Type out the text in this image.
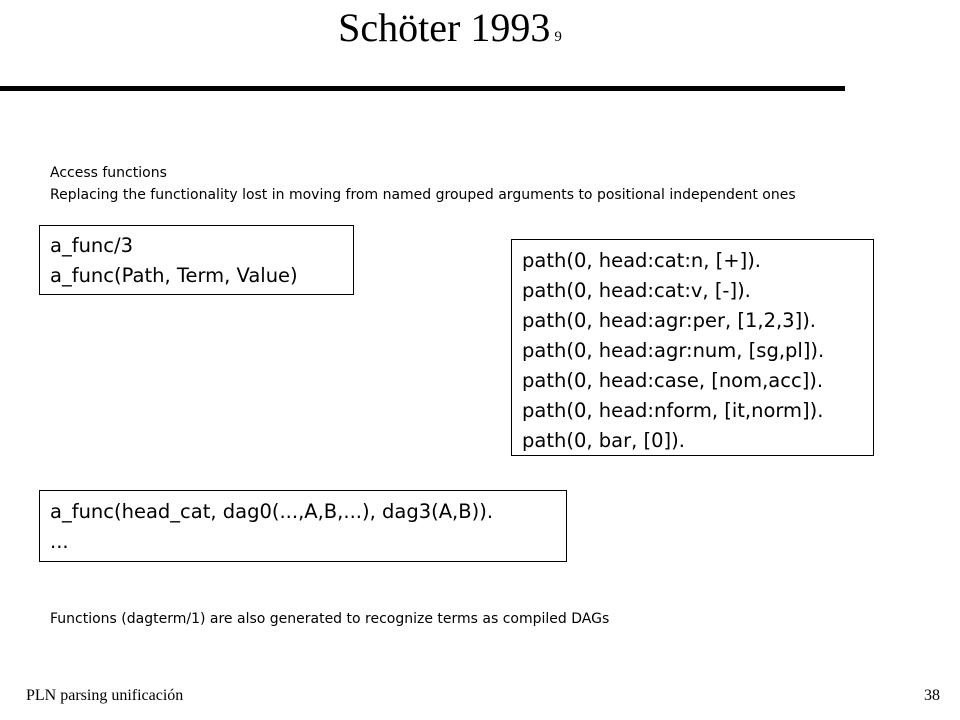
Schöter 1993 9
Access functions
Replacing the functionality lost in moving from named grouped arguments to positional independent ones
a_func/3
a_func(Path, Term, Value)
path(0, head:cat:n, [+]).
path(0, head:cat:v, [-]).
path(0, head:agr:per, [1,2,3]).
path(0, head:agr:num, [sg,pl]).
path(0, head:case, [nom,acc]).
path(0, head:nform, [it,norm]).
path(0, bar, [0]).
a_func(head_cat, dag0(...,A,B,...), dag3(A,B)).
...
Functions (dagterm/1) are also generated to recognize terms as compiled DAGs
PLN parsing unificación	38
